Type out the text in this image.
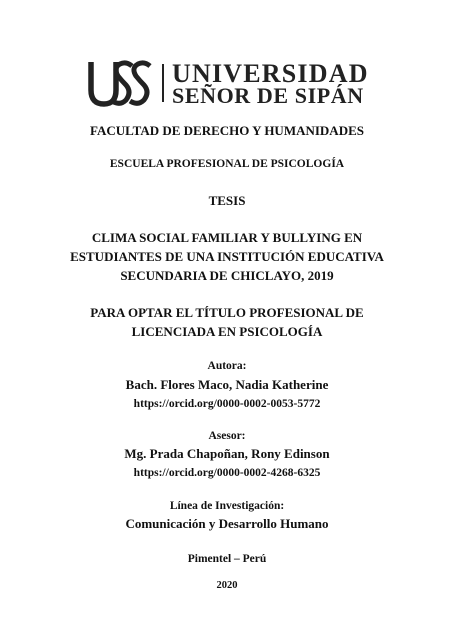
UNIVERSIDAD
SEÑOR DE SIPÁN
FACULTAD DE DERECHO Y HUMANIDADES
ESCUELA PROFESIONAL DE PSICOLOGÍA
TESIS
CLIMA SOCIAL FAMILIAR Y BULLYING EN
ESTUDIANTES DE UNA INSTITUCIÓN EDUCATIVA
SECUNDARIA DE CHICLAYO, 2019
PARA OPTAR EL TÍTULO PROFESIONAL DE
LICENCIADA EN PSICOLOGÍA
Autora:
Bach. Flores Maco, Nadia Katherine
https://orcid.org/0000-0002-0053-5772
Asesor:
Mg. Prada Chapoñan, Rony Edinson
https://orcid.org/0000-0002-4268-6325
Línea de Investigación:
Comunicación y Desarrollo Humano
Pimentel – Perú
2020
